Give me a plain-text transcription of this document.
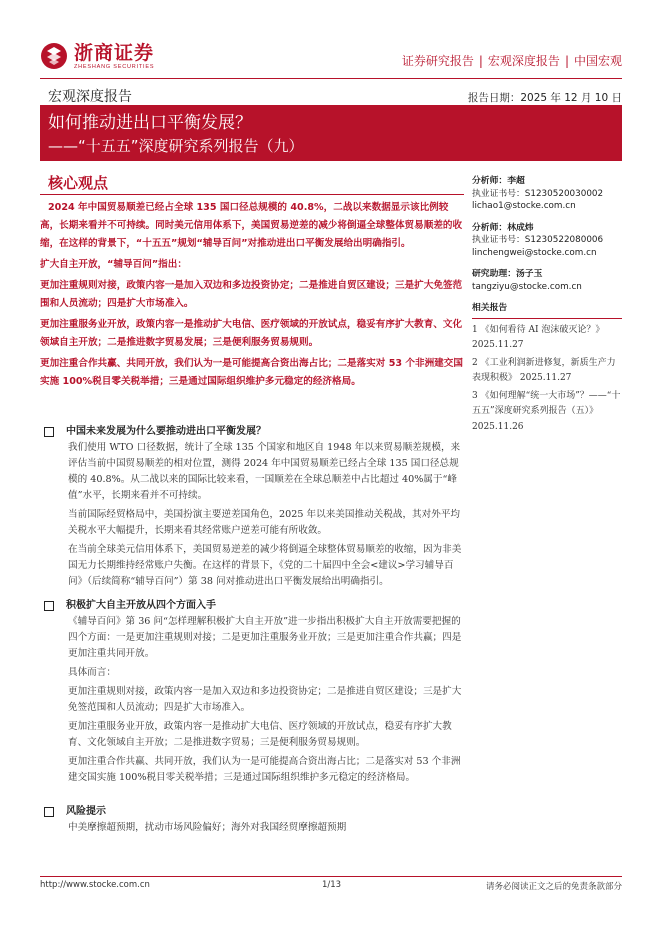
浙商证券
ZHESHANG SECURITIES	证券研究报告 | 宏观深度报告 | 中国宏观
宏观深度报告	报告日期：2025 年 12 月 10 日
如何推动进出口平衡发展？
——“十五五”深度研究系列报告（九）
核心观点

2024 年中国贸易顺差已经占全球 135 国口径总规模的 40.8%，二战以来数据显示该比例较高，长期来看并不可持续。同时美元信用体系下，美国贸易逆差的减少将倒逼全球整体贸易顺差的收缩，在这样的背景下，“十五五”规划“辅导百问”对推动进出口平衡发展给出明确指引。

扩大自主开放，“辅导百问”指出：

更加注重规则对接，政策内容一是加入双边和多边投资协定；二是推进自贸区建设；三是扩大免签范围和人员流动；四是扩大市场准入。

更加注重服务业开放，政策内容一是推动扩大电信、医疗领域的开放试点，稳妥有序扩大教育、文化领域自主开放；二是推进数字贸易发展；三是便利服务贸易规则。

更加注重合作共赢、共同开放，我们认为一是可能提高合资出海占比；二是落实对 53 个非洲建交国实施 100%税目零关税举措；三是通过国际组织维护多元稳定的经济格局。

中国未来发展为什么要推动进出口平衡发展？

我们使用 WTO 口径数据，统计了全球 135 个国家和地区自 1948 年以来贸易顺差规模，来评估当前中国贸易顺差的相对位置，测得 2024 年中国贸易顺差已经占全球 135 国口径总规模的 40.8%。从二战以来的国际比较来看，一国顺差在全球总顺差中占比超过 40%属于“峰值”水平，长期来看并不可持续。

当前国际经贸格局中，美国扮演主要逆差国角色，2025 年以来美国推动关税战，其对外平均关税水平大幅提升，长期来看其经常账户逆差可能有所收敛。

在当前全球美元信用体系下，美国贸易逆差的减少将倒逼全球整体贸易顺差的收缩，因为非美国无力长期维持经常账户失衡。在这样的背景下，《党的二十届四中全会<建议>学习辅导百问》（后续简称“辅导百问”）第 38 问对推动进出口平衡发展给出明确指引。

积极扩大自主开放从四个方面入手

《辅导百问》第 36 问“怎样理解积极扩大自主开放”进一步指出积极扩大自主开放需要把握的四个方面：一是更加注重规则对接；二是更加注重服务业开放；三是更加注重合作共赢；四是更加注重共同开放。

具体而言：

更加注重规则对接，政策内容一是加入双边和多边投资协定；二是推进自贸区建设；三是扩大免签范围和人员流动；四是扩大市场准入。

更加注重服务业开放，政策内容一是推动扩大电信、医疗领域的开放试点，稳妥有序扩大教育、文化领域自主开放；二是推进数字贸易；三是便利服务贸易规则。

更加注重合作共赢、共同开放，我们认为一是可能提高合资出海占比；二是落实对 53 个非洲建交国实施 100%税目零关税举措；三是通过国际组织维护多元稳定的经济格局。

风险提示

中美摩擦超预期，扰动市场风险偏好；海外对我国经贸摩擦超预期

分析师：李超
执业证书号：S1230520030002
lichao1@stocke.com.cn
分析师：林成炜
执业证书号：S1230522080006
linchengwei@stocke.com.cn
研究助理：汤子玉
tangziyu@stocke.com.cn
相关报告

1 《如何看待 AI 泡沫破灭论？》 2025.11.27

2 《工业利润新进修复，新质生产力表现积极》 2025.11.27

3 《如何理解“统一大市场”？——“十五五”深度研究系列报告（五）》 2025.11.26

http://www.stocke.com.cn	1/13	请务必阅读正文之后的免责条款部分
